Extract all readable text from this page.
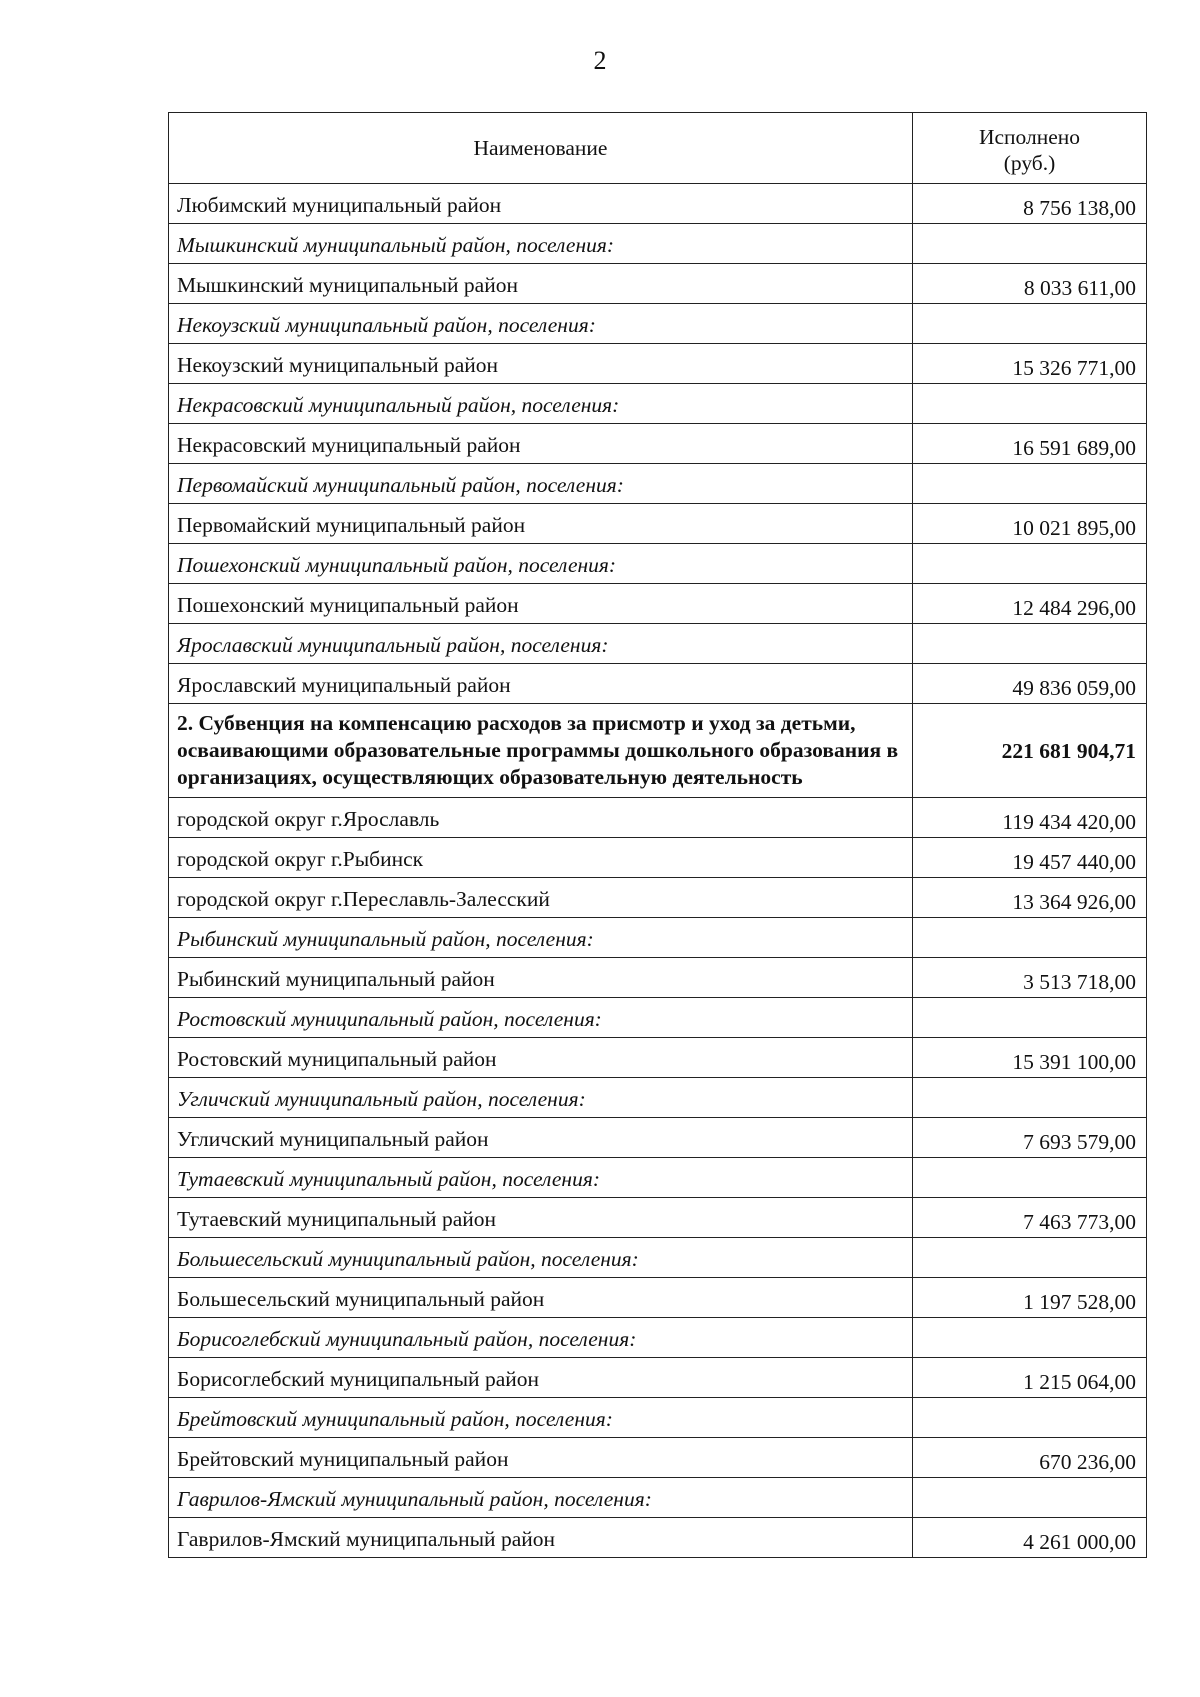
2
Наименование	Исполнено
(руб.)

Любимский муниципальный район	8 756 138,00
Мышкинский муниципальный район, поселения:	
Мышкинский муниципальный район	8 033 611,00
Некоузский муниципальный район, поселения:	
Некоузский муниципальный район	15 326 771,00
Некрасовский муниципальный район, поселения:	
Некрасовский муниципальный район	16 591 689,00
Первомайский муниципальный район, поселения:	
Первомайский муниципальный район	10 021 895,00
Пошехонский муниципальный район, поселения:	
Пошехонский муниципальный район	12 484 296,00
Ярославский муниципальный район, поселения:	
Ярославский муниципальный район	49 836 059,00
2. Субвенция на компенсацию расходов за присмотр и уход за детьми, осваивающими образовательные программы дошкольного образования в организациях, осуществляющих образовательную деятельность	221 681 904,71
городской округ г.Ярославль	119 434 420,00
городской округ г.Рыбинск	19 457 440,00
городской округ г.Переславль-Залесский	13 364 926,00
Рыбинский муниципальный район, поселения:	
Рыбинский муниципальный район	3 513 718,00
Ростовский муниципальный район, поселения:	
Ростовский муниципальный район	15 391 100,00
Угличский муниципальный район, поселения:	
Угличский муниципальный район	7 693 579,00
Тутаевский муниципальный район, поселения:	
Тутаевский муниципальный район	7 463 773,00
Большесельский муниципальный район, поселения:	
Большесельский муниципальный район	1 197 528,00
Борисоглебский муниципальный район, поселения:	
Борисоглебский муниципальный район	1 215 064,00
Брейтовский муниципальный район, поселения:	
Брейтовский муниципальный район	670 236,00
Гаврилов-Ямский муниципальный район, поселения:	
Гаврилов-Ямский муниципальный район	4 261 000,00
